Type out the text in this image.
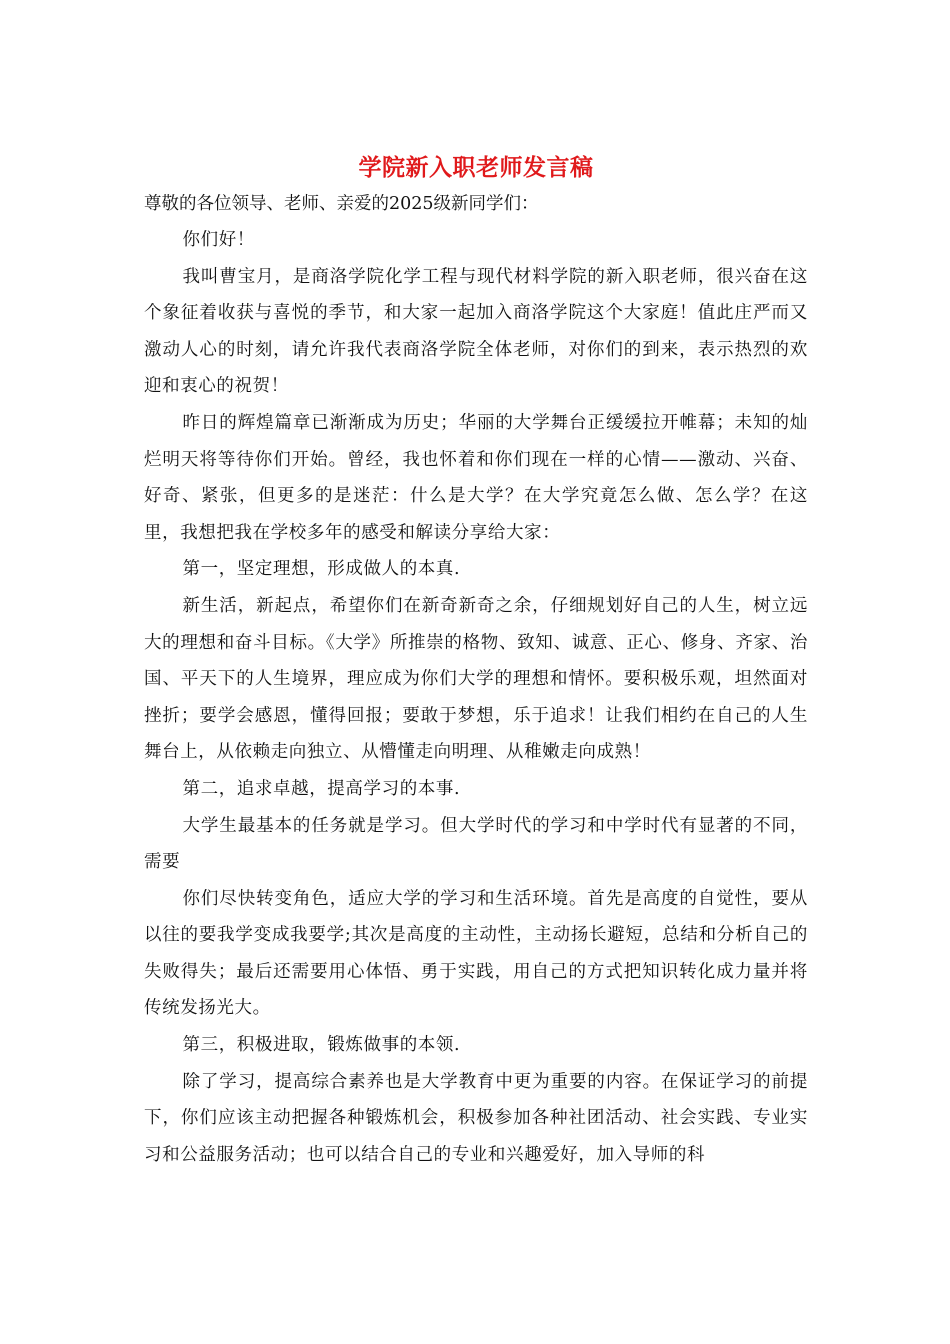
学院新入职老师发言稿

尊敬的各位领导、老师、亲爱的2025级新同学们：

你们好！

我叫曹宝月，是商洛学院化学工程与现代材料学院的新入职老师，很兴奋在这个象征着收获与喜悦的季节，和大家一起加入商洛学院这个大家庭！值此庄严而又激动人心的时刻，请允许我代表商洛学院全体老师，对你们的到来，表示热烈的欢迎和衷心的祝贺！

昨日的辉煌篇章已渐渐成为历史；华丽的大学舞台正缓缓拉开帷幕；未知的灿烂明天将等待你们开始。曾经，我也怀着和你们现在一样的心情——激动、兴奋、好奇、紧张，但更多的是迷茫：什么是大学？在大学究竟怎么做、怎么学？在这里，我想把我在学校多年的感受和解读分享给大家：

第一，坚定理想，形成做人的本真.

新生活，新起点，希望你们在新奇新奇之余，仔细规划好自己的人生，树立远大的理想和奋斗目标。《大学》所推崇的格物、致知、诚意、正心、修身、齐家、治国、平天下的人生境界，理应成为你们大学的理想和情怀。要积极乐观，坦然面对挫折；要学会感恩，懂得回报；要敢于梦想，乐于追求！让我们相约在自己的人生舞台上，从依赖走向独立、从懵懂走向明理、从稚嫩走向成熟！

第二，追求卓越，提高学习的本事.

大学生最基本的任务就是学习。但大学时代的学习和中学时代有显著的不同，需要

你们尽快转变角色，适应大学的学习和生活环境。首先是高度的自觉性，要从以往的要我学变成我要学;其次是高度的主动性，主动扬长避短，总结和分析自己的失败得失；最后还需要用心体悟、勇于实践，用自己的方式把知识转化成力量并将传统发扬光大。

第三，积极进取，锻炼做事的本领.

除了学习，提高综合素养也是大学教育中更为重要的内容。在保证学习的前提下，你们应该主动把握各种锻炼机会，积极参加各种社团活动、社会实践、专业实习和公益服务活动；也可以结合自己的专业和兴趣爱好，加入导师的科
